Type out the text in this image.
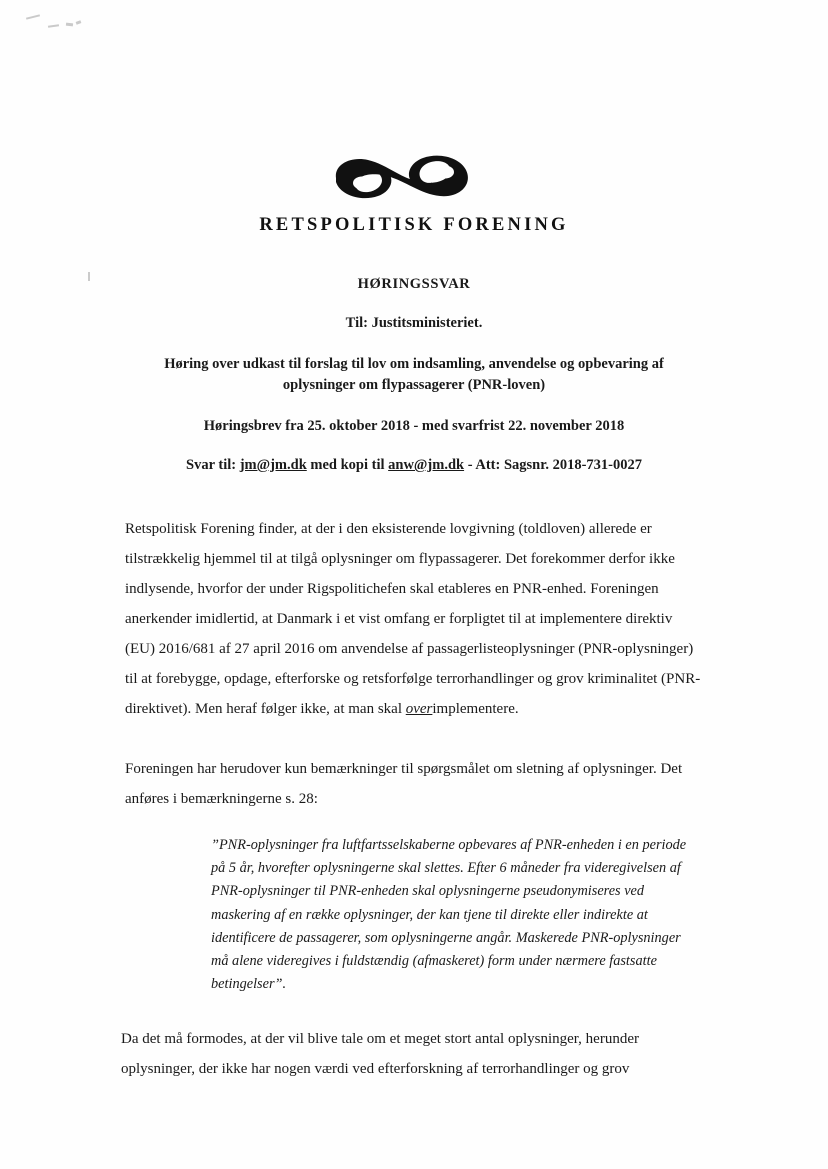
RETSPOLITISK FORENING
HØRINGSSVAR
Til: Justitsministeriet.
Høring over udkast til forslag til lov om indsamling, anvendelse og opbevaring af
oplysninger om flypassagerer (PNR-loven)
Høringsbrev fra 25. oktober 2018 - med svarfrist 22. november 2018
Svar til: jm@jm.dk med kopi til anw@jm.dk - Att: Sagsnr. 2018-731-0027

Retspolitisk Forening finder, at der i den eksisterende lovgivning (toldloven) allerede er tilstrækkelig hjemmel til at tilgå oplysninger om flypassagerer. Det forekommer derfor ikke indlysende, hvorfor der under Rigspolitichefen skal etableres en PNR-enhed. Foreningen anerkender imidlertid, at Danmark i et vist omfang er forpligtet til at implementere direktiv (EU) 2016/681 af 27 april 2016 om anvendelse af passagerlisteoplysninger (PNR-oplysninger) til at forebygge, opdage, efterforske og retsforfølge terrorhandlinger og grov kriminalitet (PNR-direktivet). Men heraf følger ikke, at man skal overimplementere.

Foreningen har herudover kun bemærkninger til spørgsmålet om sletning af oplysninger. Det anføres i bemærkningerne s. 28:

”PNR-oplysninger fra luftfartsselskaberne opbevares af PNR-enheden i en periode på 5 år, hvorefter oplysningerne skal slettes. Efter 6 måneder fra videregivelsen af PNR-oplysninger til PNR-enheden skal oplysningerne pseudonymiseres ved maskering af en række oplysninger, der kan tjene til direkte eller indirekte at identificere de passagerer, som oplysningerne angår. Maskerede PNR-oplysninger må alene videregives i fuldstændig (afmaskeret) form under nærmere fastsatte betingelser”.

Da det må formodes, at der vil blive tale om et meget stort antal oplysninger, herunder oplysninger, der ikke har nogen værdi ved efterforskning af terrorhandlinger og grov
